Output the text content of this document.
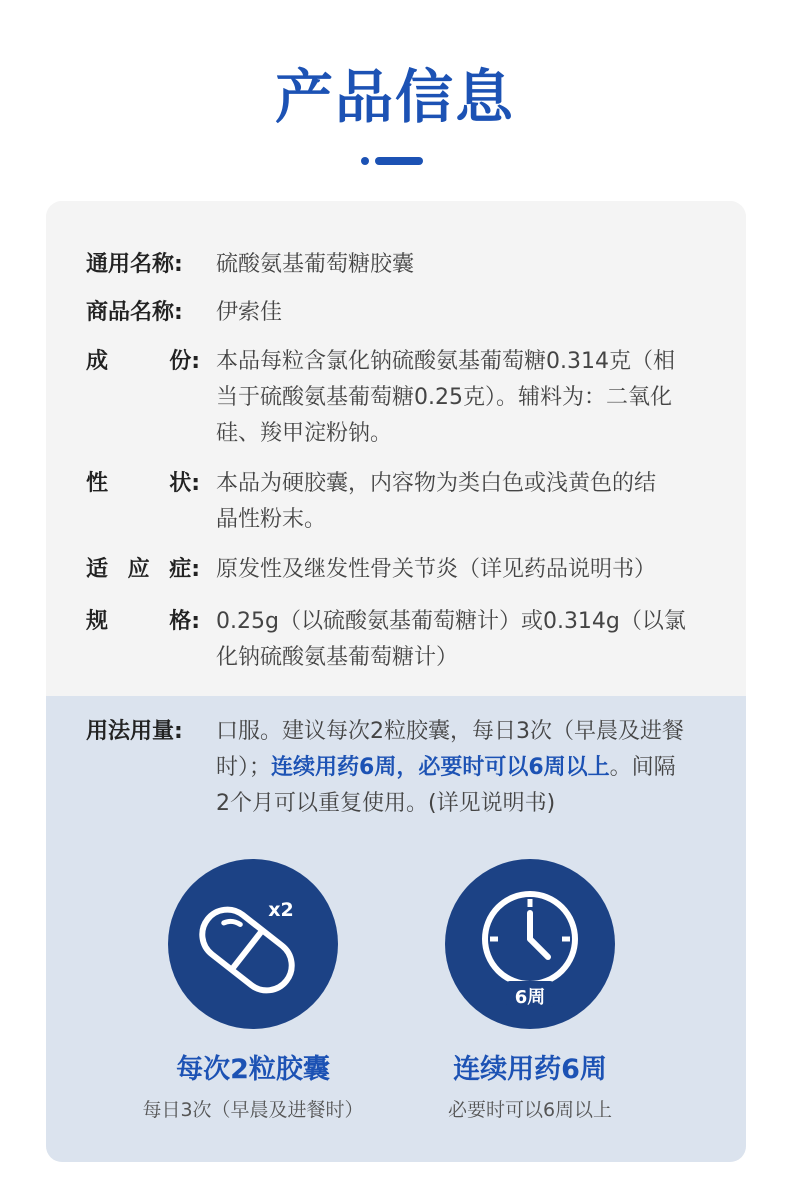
产品信息
通用名称:	硫酸氨基葡萄糖胶囊
商品名称:	伊索佳
成	份: 本品每粒含氯化钠硫酸氨基葡萄糖0.314克（相
当于硫酸氨基葡萄糖0.25克）。辅料为：二氧化
硅、羧甲淀粉钠。
性	状: 本品为硬胶囊，内容物为类白色或浅黄色的结
晶性粉末。
适 应 症: 原发性及继发性骨关节炎（详见药品说明书）
规	格: 0.25g（以硫酸氨基葡萄糖计）或0.314g（以氯
化钠硫酸氨基葡萄糖计）
用法用量:	口服。建议每次2粒胶囊，每日3次（早晨及进餐
时）；连续用药6周，必要时可以6周以上。间隔
2个月可以重复使用。(详见说明书)
x2
每次2粒胶囊
每日3次（早晨及进餐时）
6周
连续用药6周
必要时可以6周以上
